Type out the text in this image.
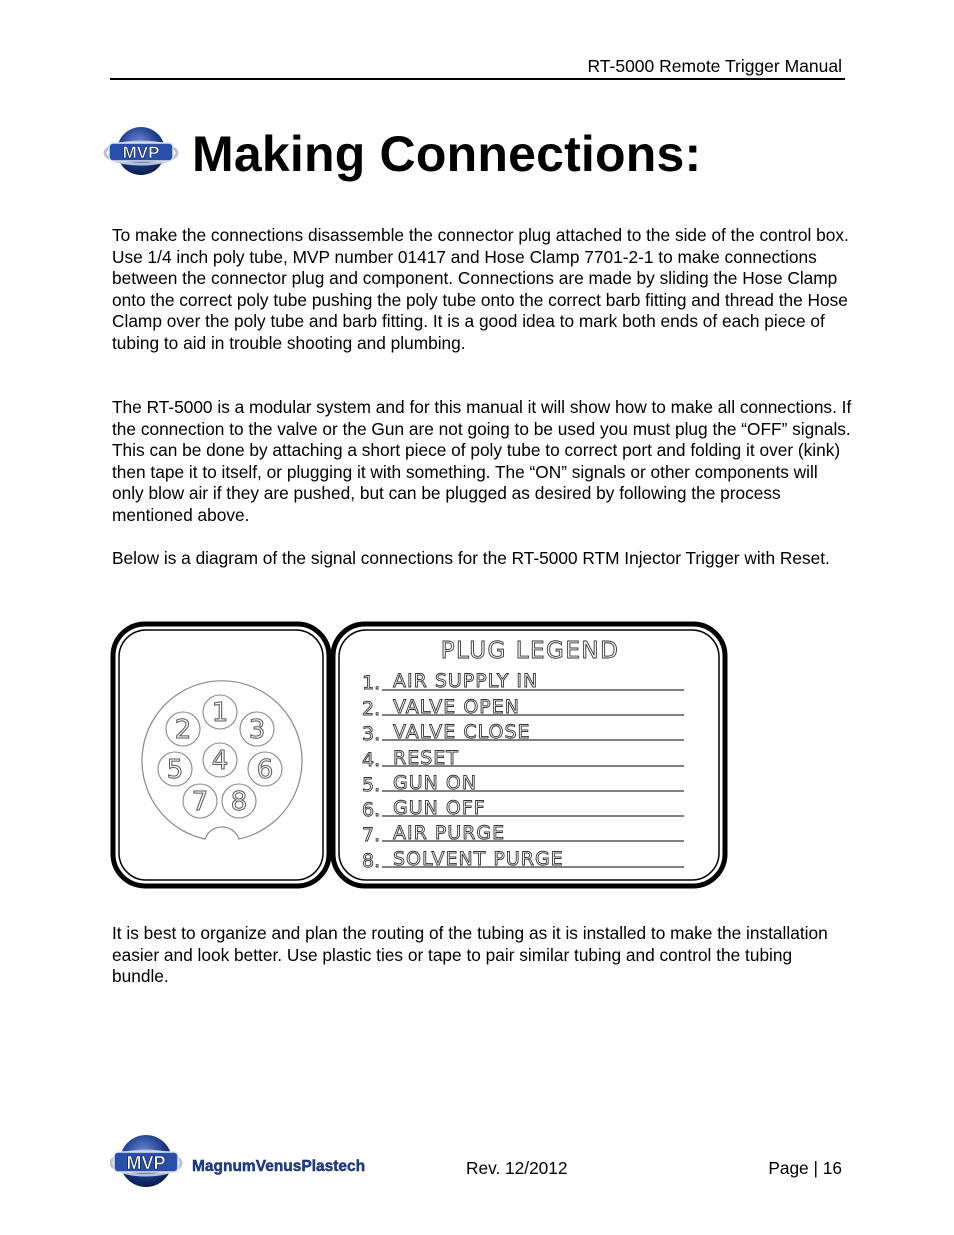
RT-5000 Remote Trigger Manual
MVP Making Connections:

To make the connections disassemble the connector plug attached to the side of the control box. Use 1/4 inch poly tube, MVP number 01417 and Hose Clamp 7701-2-1 to make connections between the connector plug and component. Connections are made by sliding the Hose Clamp onto the correct poly tube pushing the poly tube onto the correct barb fitting and thread the Hose Clamp over the poly tube and barb fitting. It is a good idea to mark both ends of each piece of tubing to aid in trouble shooting and plumbing.

The RT-5000 is a modular system and for this manual it will show how to make all connections. If the connection to the valve or the Gun are not going to be used you must plug the “OFF” signals. This can be done by attaching a short piece of poly tube to correct port and folding it over (kink) then tape it to itself, or plugging it with something. The “ON” signals or other components will only blow air if they are pushed, but can be plugged as desired by following the process mentioned above.

Below is a diagram of the signal connections for the RT-5000 RTM Injector Trigger with Reset.

1
2 3
4
5	6
7 8
PLUG LEGEND
1. AIR SUPPLY IN
2. VALVE OPEN
3. VALVE CLOSE
4. RESET
5. GUN ON
6. GUN OFF
7. AIR PURGE
8. SOLVENT PURGE

It is best to organize and plan the routing of the tubing as it is installed to make the installation easier and look better. Use plastic ties or tape to pair similar tubing and control the tubing bundle.

MVP MagnumVenusPlastech	Rev. 12/2012	Page | 16
